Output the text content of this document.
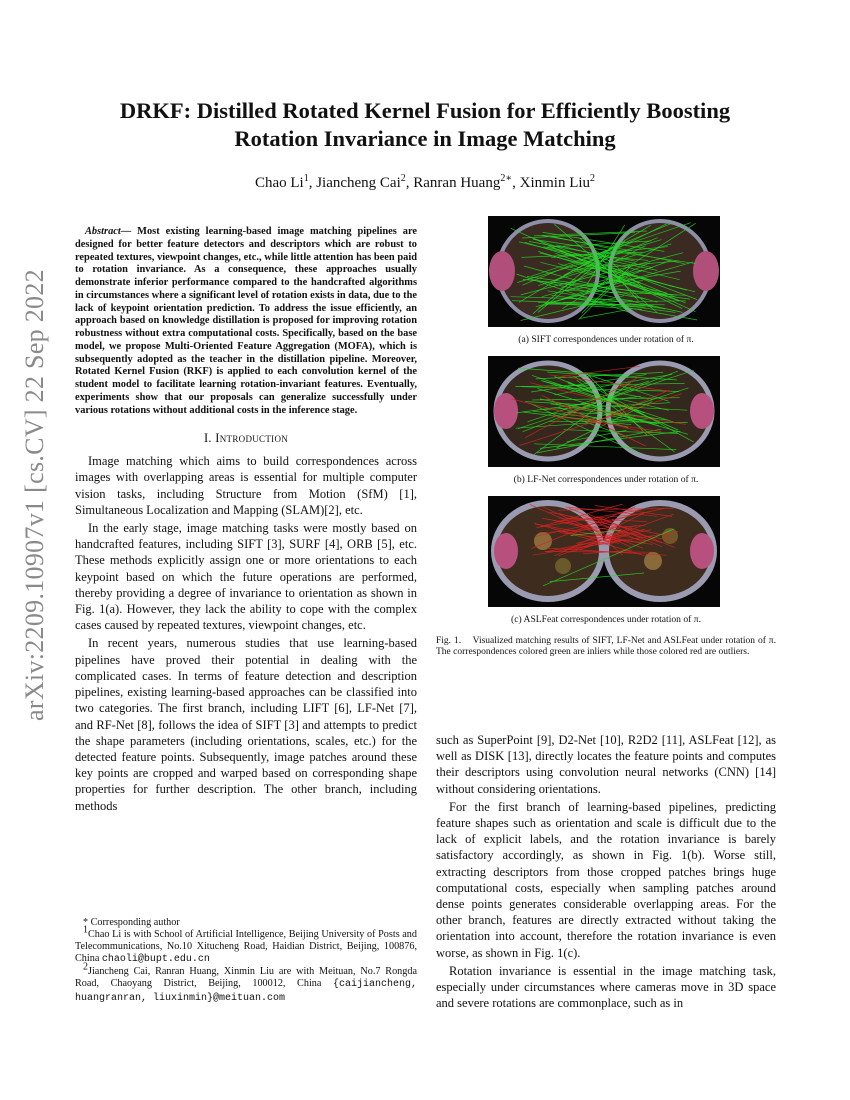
arXiv:2209.10907v1 [cs.CV] 22 Sep 2022
DRKF: Distilled Rotated Kernel Fusion for Efficiently Boosting
Rotation Invariance in Image Matching
Chao Li$^1$, Jiancheng Cai$^2$, Ranran Huang$^{2∗}$, Xinmin Liu$^2$

Abstract— Most existing learning-based image matching pipelines are designed for better feature detectors and descriptors which are robust to repeated textures, viewpoint changes, etc., while little attention has been paid to rotation invariance. As a consequence, these approaches usually demonstrate inferior performance compared to the handcrafted algorithms in circumstances where a significant level of rotation exists in data, due to the lack of keypoint orientation prediction. To address the issue efficiently, an approach based on knowledge distillation is proposed for improving rotation robustness without extra computational costs. Specifically, based on the base model, we propose Multi-Oriented Feature Aggregation (MOFA), which is subsequently adopted as the teacher in the distillation pipeline. Moreover, Rotated Kernel Fusion (RKF) is applied to each convolution kernel of the student model to facilitate learning rotation-invariant features. Eventually, experiments show that our proposals can generalize successfully under various rotations without additional costs in the inference stage.

I. Introduction

Image matching which aims to build correspondences across images with overlapping areas is essential for multiple computer vision tasks, including Structure from Motion (SfM) [1], Simultaneous Localization and Mapping (SLAM)[2], etc.

In the early stage, image matching tasks were mostly based on handcrafted features, including SIFT [3], SURF [4], ORB [5], etc. These methods explicitly assign one or more orientations to each keypoint based on which the future operations are performed, thereby providing a degree of invariance to orientation as shown in Fig. 1(a). However, they lack the ability to cope with the complex cases caused by repeated textures, viewpoint changes, etc.

In recent years, numerous studies that use learning-based pipelines have proved their potential in dealing with the complicated cases. In terms of feature detection and description pipelines, existing learning-based approaches can be classified into two categories. The first branch, including LIFT [6], LF-Net [7], and RF-Net [8], follows the idea of SIFT [3] and attempts to predict the shape parameters (including orientations, scales, etc.) for the detected feature points. Subsequently, image patches around these key points are cropped and warped based on corresponding shape properties for further description. The other branch, including methods

* Corresponding author

$^1$Chao Li is with School of Artificial Intelligence, Beijing University of Posts and Telecommunications, No.10 Xitucheng Road, Haidian District, Beijing, 100876, China chaoli@bupt.edu.cn

$^2$Jiancheng Cai, Ranran Huang, Xinmin Liu are with Meituan, No.7 Rongda Road, Chaoyang District, Beijing, 100012, China {caijiancheng, huangranran, liuxinmin}@meituan.com

(a) SIFT correspondences under rotation of π.
(b) LF-Net correspondences under rotation of π.
(c) ASLFeat correspondences under rotation of π.

Fig. 1. Visualized matching results of SIFT, LF-Net and ASLFeat under rotation of π. The correspondences colored green are inliers while those colored red are outliers.

such as SuperPoint [9], D2-Net [10], R2D2 [11], ASLFeat [12], as well as DISK [13], directly locates the feature points and computes their descriptors using convolution neural networks (CNN) [14] without considering orientations.

For the first branch of learning-based pipelines, predicting feature shapes such as orientation and scale is difficult due to the lack of explicit labels, and the rotation invariance is barely satisfactory accordingly, as shown in Fig. 1(b). Worse still, extracting descriptors from those cropped patches brings huge computational costs, especially when sampling patches around dense points generates considerable overlapping areas. For the other branch, features are directly extracted without taking the orientation into account, therefore the rotation invariance is even worse, as shown in Fig. 1(c).

Rotation invariance is essential in the image matching task, especially under circumstances where cameras move in 3D space and severe rotations are commonplace, such as in
